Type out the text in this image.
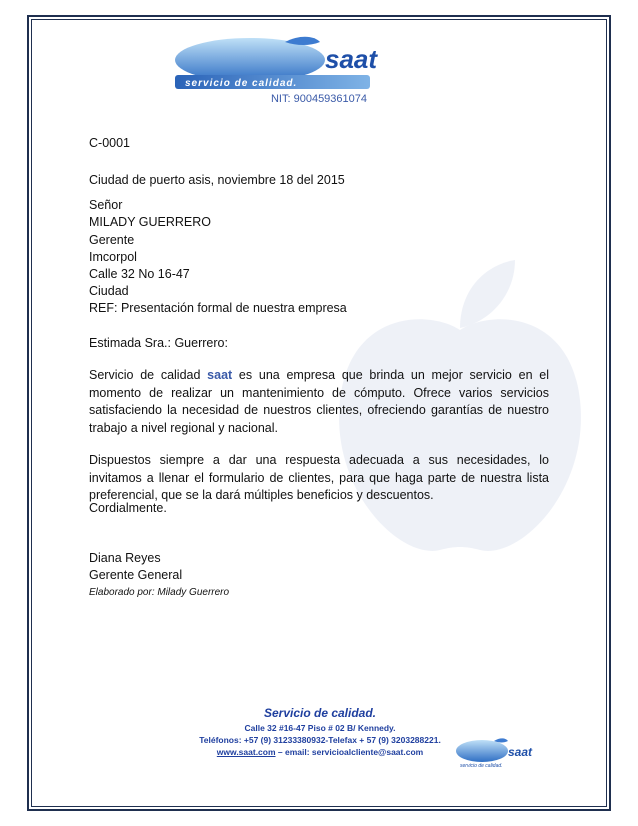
saat
servicio de calidad.
NIT: 900459361074
C-0001
Ciudad de puerto asis, noviembre 18 del 2015
Señor
MILADY GUERRERO
Gerente
Imcorpol
Calle 32 No 16-47
Ciudad
REF: Presentación formal de nuestra empresa
Estimada Sra.: Guerrero:
Servicio de calidad saat es una empresa que brinda un mejor servicio en el momento de realizar un mantenimiento de cómputo. Ofrece varios servicios satisfaciendo la necesidad de nuestros clientes, ofreciendo garantías de nuestro trabajo a nivel regional y nacional.
Dispuestos siempre a dar una respuesta adecuada a sus necesidades, lo invitamos a llenar el formulario de clientes, para que haga parte de nuestra lista preferencial, que se la dará múltiples beneficios y descuentos.
Cordialmente.
Diana Reyes
Gerente General
Elaborado por: Milady Guerrero
Servicio de calidad.
Calle 32 #16-47 Piso # 02 B/ Kennedy.
Teléfonos: +57 (9) 31233380932-Telefax + 57 (9) 3203288221.
www.saat.com – email: servicioalcliente@saat.com	saat
servicio de calidad.
